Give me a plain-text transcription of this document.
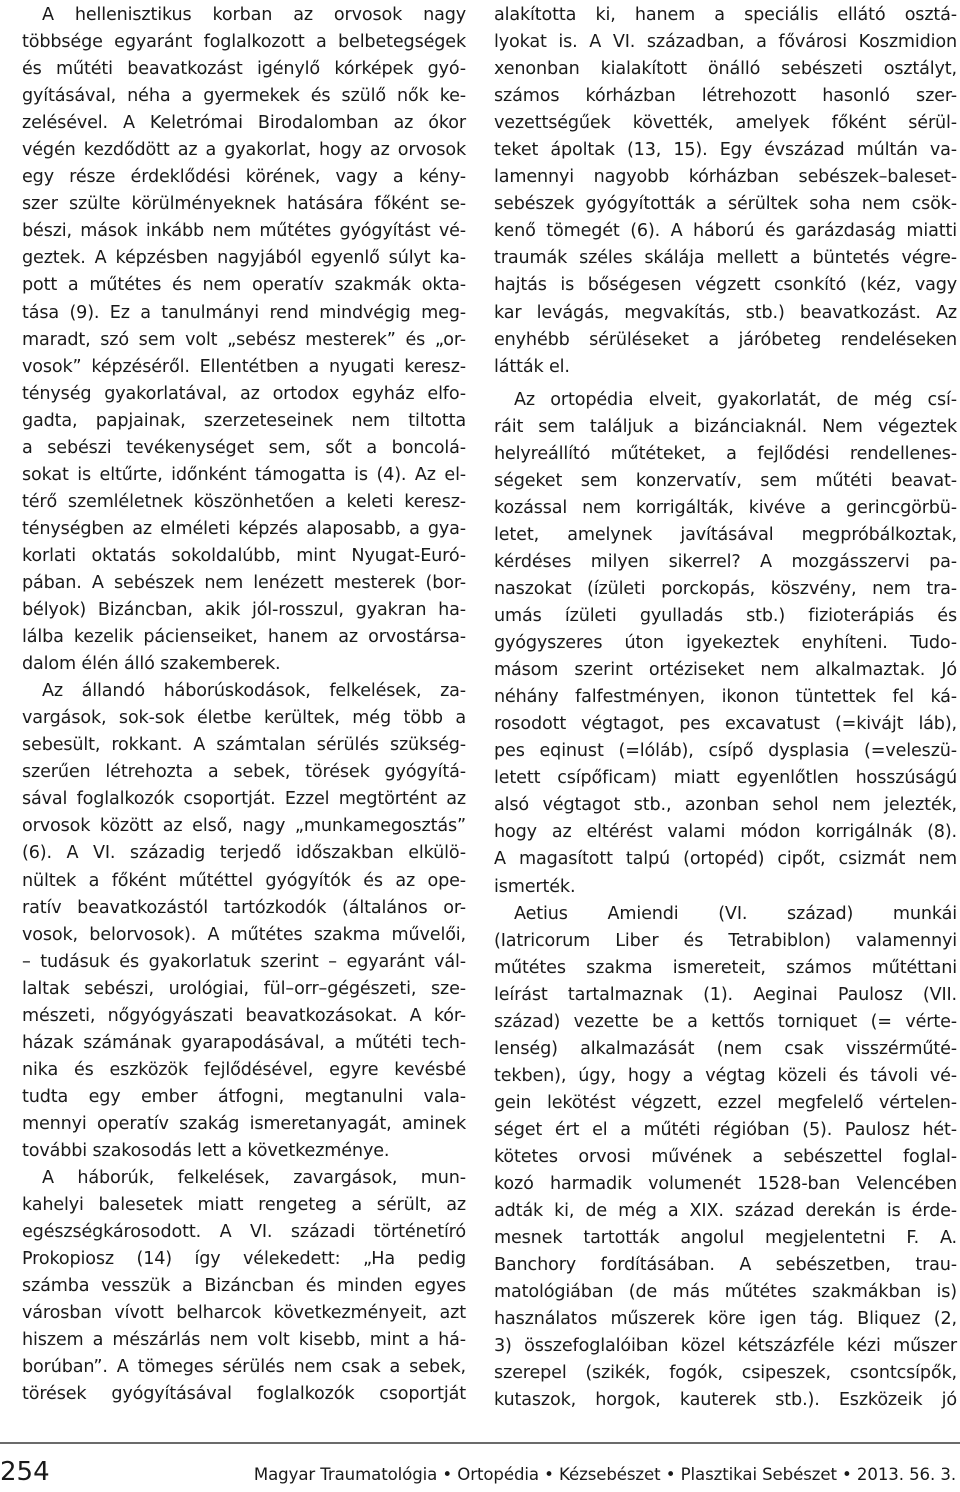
A hellenisztikus korban az orvosok nagy
többsége egyaránt foglalkozott a belbetegségek
és műtéti beavatkozást igénylő kórképek gyó-
gyításával, néha a gyermekek és szülő nők ke-
zelésével. A Keletrómai Birodalomban az ókor
végén kezdődött az a gyakorlat, hogy az orvosok
egy része érdeklődési körének, vagy a kény-
szer szülte körülményeknek hatására főként se-
bészi, mások inkább nem műtétes gyógyítást vé-
geztek. A képzésben nagyjából egyenlő súlyt ka-
pott a műtétes és nem operatív szakmák okta-
tása (9). Ez a tanulmányi rend mindvégig meg-
maradt, szó sem volt „sebész mesterek” és „or-
vosok” képzéséről. Ellentétben a nyugati keresz-
ténység gyakorlatával, az ortodox egyház elfo-
gadta, papjainak, szerzeteseinek nem tiltotta
a sebészi tevékenységet sem, sőt a boncolá-
sokat is eltűrte, időnként támogatta is (4). Az el-
térő szemléletnek köszönhetően a keleti keresz-
ténységben az elméleti képzés alaposabb, a gya-
korlati oktatás sokoldalúbb, mint Nyugat-Euró-
pában. A sebészek nem lenézett mesterek (bor-
bélyok) Bizáncban, akik jól-rosszul, gyakran ha-
lálba kezelik pácienseiket, hanem az orvostársa-
dalom élén álló szakemberek.
Az állandó háborúskodások, felkelések, za-
vargások, sok-sok életbe kerültek, még több a
sebesült, rokkant. A számtalan sérülés szükség-
szerűen létrehozta a sebek, törések gyógyítá-
sával foglalkozók csoportját. Ezzel megtörtént az
orvosok között az első, nagy „munkamegosztás”
(6). A VI. századig terjedő időszakban elkülö-
nültek a főként műtéttel gyógyítók és az ope-
ratív beavatkozástól tartózkodók (általános or-
vosok, belorvosok). A műtétes szakma művelői,
– tudásuk és gyakorlatuk szerint – egyaránt vál-
laltak sebészi, urológiai, fül–orr–gégészeti, sze-
mészeti, nőgyógyászati beavatkozásokat. A kór-
házak számának gyarapodásával, a műtéti tech-
nika és eszközök fejlődésével, egyre kevésbé
tudta egy ember átfogni, megtanulni vala-
mennyi operatív szakág ismeretanyagát, aminek
további szakosodás lett a következménye.
A háborúk, felkelések, zavargások, mun-
kahelyi balesetek miatt rengeteg a sérült, az
egészségkárosodott. A VI. századi történetíró
Prokopiosz (14) így vélekedett: „Ha pedig
számba vesszük a Bizáncban és minden egyes
városban vívott belharcok következményeit, azt
hiszem a mészárlás nem volt kisebb, mint a há-
borúban”. A tömeges sérülés nem csak a sebek,
törések gyógyításával foglalkozók csoportját
alakította ki, hanem a speciális ellátó osztá-
lyokat is. A VI. században, a fővárosi Koszmidion
xenonban kialakított önálló sebészeti osztályt,
számos kórházban létrehozott hasonló szer-
vezettségűek követték, amelyek főként sérül-
teket ápoltak (13, 15). Egy évszázad múltán va-
lamennyi nagyobb kórházban sebészek–baleset-
sebészek gyógyították a sérültek soha nem csök-
kenő tömegét (6). A háború és garázdaság miatti
traumák széles skálája mellett a büntetés végre-
hajtás is bőségesen végzett csonkító (kéz, vagy
kar levágás, megvakítás, stb.) beavatkozást. Az
enyhébb sérüléseket a járóbeteg rendeléseken
látták el.
Az ortopédia elveit, gyakorlatát, de még csí-
ráit sem találjuk a bizánciaknál. Nem végeztek
helyreállító műtéteket, a fejlődési rendellenes-
ségeket sem konzervatív, sem műtéti beavat-
kozással nem korrigálták, kivéve a gerincgörbü-
letet, amelynek javításával megpróbálkoztak,
kérdéses milyen sikerrel? A mozgásszervi pa-
naszokat (ízületi porckopás, köszvény, nem tra-
umás ízületi gyulladás stb.) fizioterápiás és
gyógyszeres úton igyekeztek enyhíteni. Tudo-
másom szerint ortéziseket nem alkalmaztak. Jó
néhány falfestményen, ikonon tüntettek fel ká-
rosodott végtagot, pes excavatust (=kivájt láb),
pes eqinust (=lóláb), csípő dysplasia (=veleszü-
letett csípőficam) miatt egyenlőtlen hosszúságú
alsó végtagot stb., azonban sehol nem jelezték,
hogy az eltérést valami módon korrigálnák (8).
A magasított talpú (ortopéd) cipőt, csizmát nem
ismerték.
Aetius Amiendi (VI. század) munkái
(Iatricorum Liber és Tetrabiblon) valamennyi
műtétes szakma ismereteit, számos műtéttani
leírást tartalmaznak (1). Aeginai Paulosz (VII.
század) vezette be a kettős torniquet (= vérte-
lenség) alkalmazását (nem csak visszérműté-
tekben), úgy, hogy a végtag közeli és távoli vé-
gein lekötést végzett, ezzel megfelelő vértelen-
séget ért el a műtéti régióban (5). Paulosz hét-
kötetes orvosi művének a sebészettel foglal-
kozó harmadik volumenét 1528-ban Velencében
adták ki, de még a XIX. század derekán is érde-
mesnek tartották angolul megjelentetni F. A.
Banchory fordításában. A sebészetben, trau-
matológiában (de más műtétes szakmákban is)
használatos műszerek köre igen tág. Bliquez (2,
3) összefoglalóiban közel kétszázféle kézi műszer
szerepel (szikék, fogók, csipeszek, csontcsípők,
kutaszok, horgok, kauterek stb.). Eszközeik jó
254	Magyar Traumatológia • Ortopédia • Kézsebészet • Plasztikai Sebészet • 2013. 56. 3.
